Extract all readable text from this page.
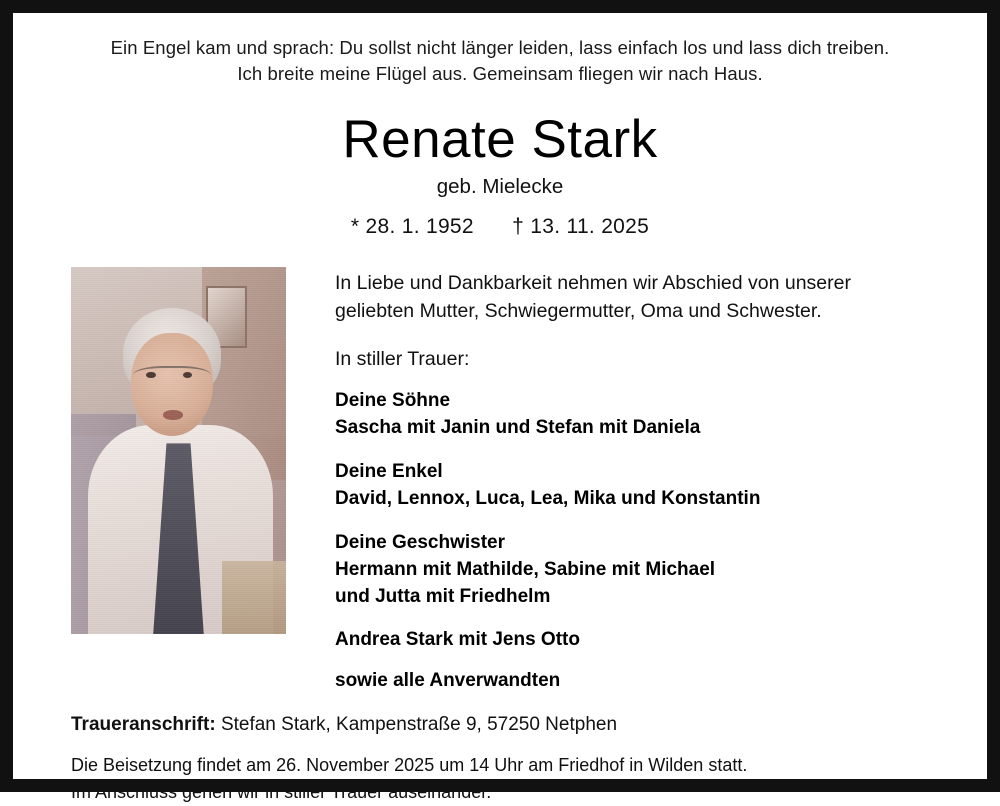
Ein Engel kam und sprach: Du sollst nicht länger leiden, lass einfach los und lass dich treiben.
Ich breite meine Flügel aus. Gemeinsam fliegen wir nach Haus.
Renate Stark
geb. Mielecke
* 28. 1. 1952 † 13. 11. 2025
In Liebe und Dankbarkeit nehmen wir Abschied von unserer
geliebten Mutter, Schwiegermutter, Oma und Schwester.
In stiller Trauer:
Deine Söhne
Sascha mit Janin und Stefan mit Daniela
Deine Enkel
David, Lennox, Luca, Lea, Mika und Konstantin
Deine Geschwister
Hermann mit Mathilde, Sabine mit Michael
und Jutta mit Friedhelm
Andrea Stark mit Jens Otto
sowie alle Anverwandten
Traueranschrift: Stefan Stark, Kampenstraße 9, 57250 Netphen
Die Beisetzung findet am 26. November 2025 um 14 Uhr am Friedhof in Wilden statt.
Im Anschluss gehen wir in stiller Trauer auseinander.
